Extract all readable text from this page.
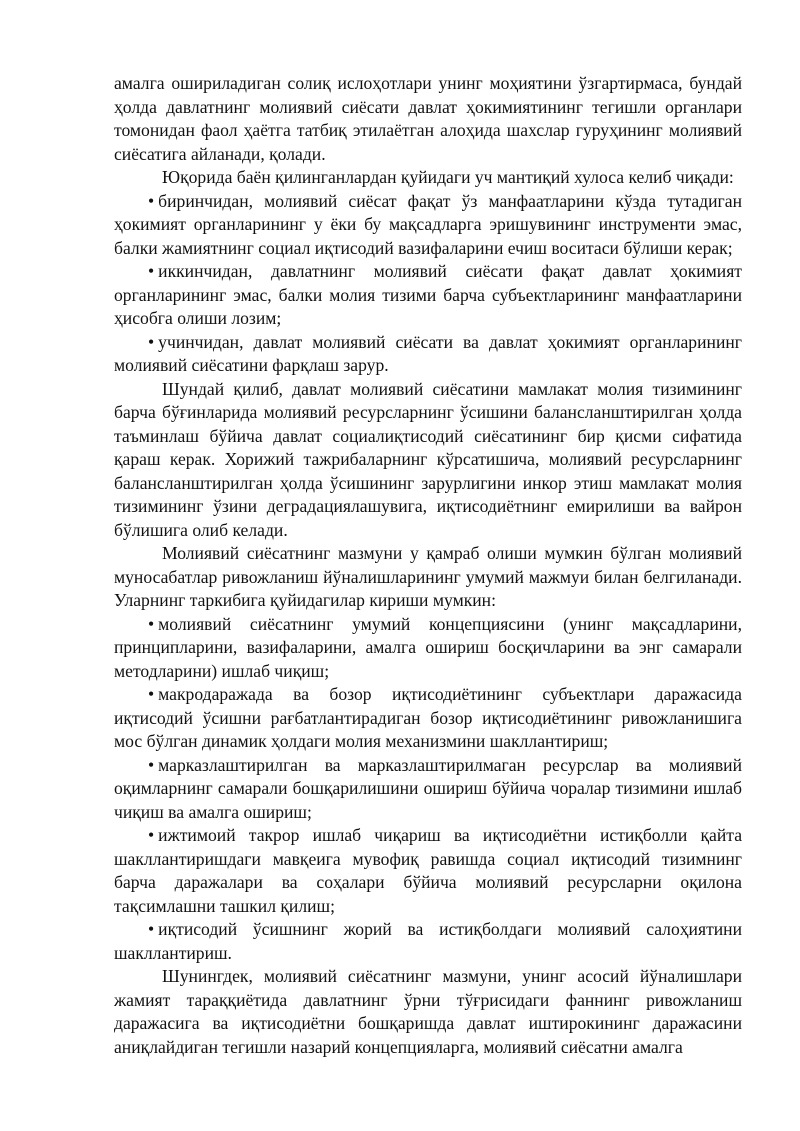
амалга ошириладиган солиқ ислоҳотлари унинг моҳиятини ўзгартирмаса, бундай ҳолда давлатнинг молиявий сиёсати давлат ҳокимиятининг тегишли органлари томонидан фаол ҳаётга татбиқ этилаётган алоҳида шахслар гуруҳининг молиявий сиёсатига айланади, қолади.

Юқорида баён қилинганлардан қуйидаги уч мантиқий хулоса келиб чиқади:

• биринчидан, молиявий сиёсат фақат ўз манфаатларини кўзда тутадиган ҳокимият органларининг у ёки бу мақсадларга эришувининг инструменти эмас, балки жамиятнинг социал иқтисодий вазифаларини ечиш воситаси бўлиши керак;

• иккинчидан, давлатнинг молиявий сиёсати фақат давлат ҳокимият органларининг эмас, балки молия тизими барча субъектларининг манфаатларини ҳисобга олиши лозим;

• учинчидан, давлат молиявий сиёсати ва давлат ҳокимият органларининг молиявий сиёсатини фарқлаш зарур.

Шундай қилиб, давлат молиявий сиёсатини мамлакат молия тизимининг барча бўғинларида молиявий ресурсларнинг ўсишини балансланштирилган ҳолда таъминлаш бўйича давлат социалиқтисодий сиёсатининг бир қисми сифатида қараш керак. Хорижий тажрибаларнинг кўрсатишича, молиявий ресурсларнинг балансланштирилган ҳолда ўсишининг зарурлигини инкор этиш мамлакат молия тизимининг ўзини деградациялашувига, иқтисодиётнинг емирилиши ва вайрон бўлишига олиб келади.

Молиявий сиёсатнинг мазмуни у қамраб олиши мумкин бўлган молиявий муносабатлар ривожланиш йўналишларининг умумий мажмуи билан белгиланади. Уларнинг таркибига қуйидагилар кириши мумкин:

• молиявий сиёсатнинг умумий концепциясини (унинг мақсадларини, принципларини, вазифаларини, амалга ошириш босқичларини ва энг самарали методларини) ишлаб чиқиш;

• макродаражада ва бозор иқтисодиётининг субъектлари даражасида иқтисодий ўсишни рағбатлантирадиган бозор иқтисодиётининг ривожланишига мос бўлган динамик ҳолдаги молия механизмини шакллантириш;

• марказлаштирилган ва марказлаштирилмаган ресурслар ва молиявий оқимларнинг самарали бошқарилишини ошириш бўйича чоралар тизимини ишлаб чиқиш ва амалга ошириш;

• ижтимоий такрор ишлаб чиқариш ва иқтисодиётни истиқболли қайта шакллантиришдаги мавқеига мувофиқ равишда социал иқтисодий тизимнинг барча даражалари ва соҳалари бўйича молиявий ресурсларни оқилона тақсимлашни ташкил қилиш;

• иқтисодий ўсишнинг жорий ва истиқболдаги молиявий салоҳиятини шакллантириш.

Шунингдек, молиявий сиёсатнинг мазмуни, унинг асосий йўналишлари жамият тараққиётида давлатнинг ўрни тўғрисидаги фаннинг ривожланиш даражасига ва иқтисодиётни бошқаришда давлат иштирокининг даражасини аниқлайдиган тегишли назарий концепцияларга, молиявий сиёсатни амалга
